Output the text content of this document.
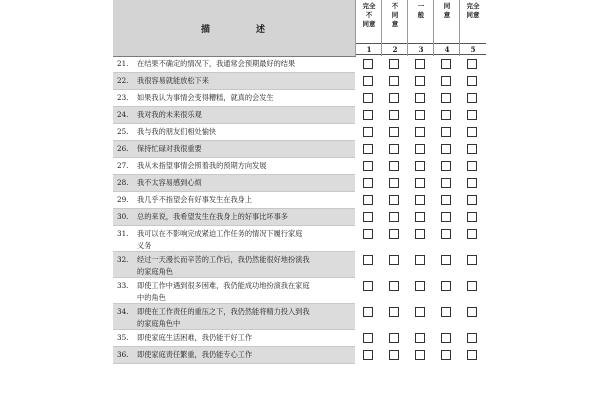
描	述
完全
不
同意
1
不
同
意
2
一
般
3
同
意
4
完全
同意
5
21. 在结果不确定的情况下，我通常会预期最好的结果
22. 我很容易就能放松下来
23. 如果我认为事情会变得糟糕，就真的会发生
24. 我对我的未来很乐观
25. 我与我的朋友们相处愉快
26. 保持忙碌对我很重要
27. 我从未指望事情会照着我的预期方向发展
28. 我不太容易感到心烦
29. 我几乎不指望会有好事发生在我身上
30. 总的来说，我希望发生在我身上的好事比坏事多
31. 我可以在不影响完成紧迫工作任务的情况下履行家庭
义务
32. 经过一天漫长而辛苦的工作后，我仍然能很好地扮演我
的家庭角色
33. 即使工作中遇到很多困难，我仍能成功地扮演我在家庭
中的角色
34. 即使在工作责任的重压之下，我仍然能将精力投入到我
的家庭角色中
35. 即使家庭生活困难，我仍能干好工作
36. 即使家庭责任繁重，我仍能专心工作
